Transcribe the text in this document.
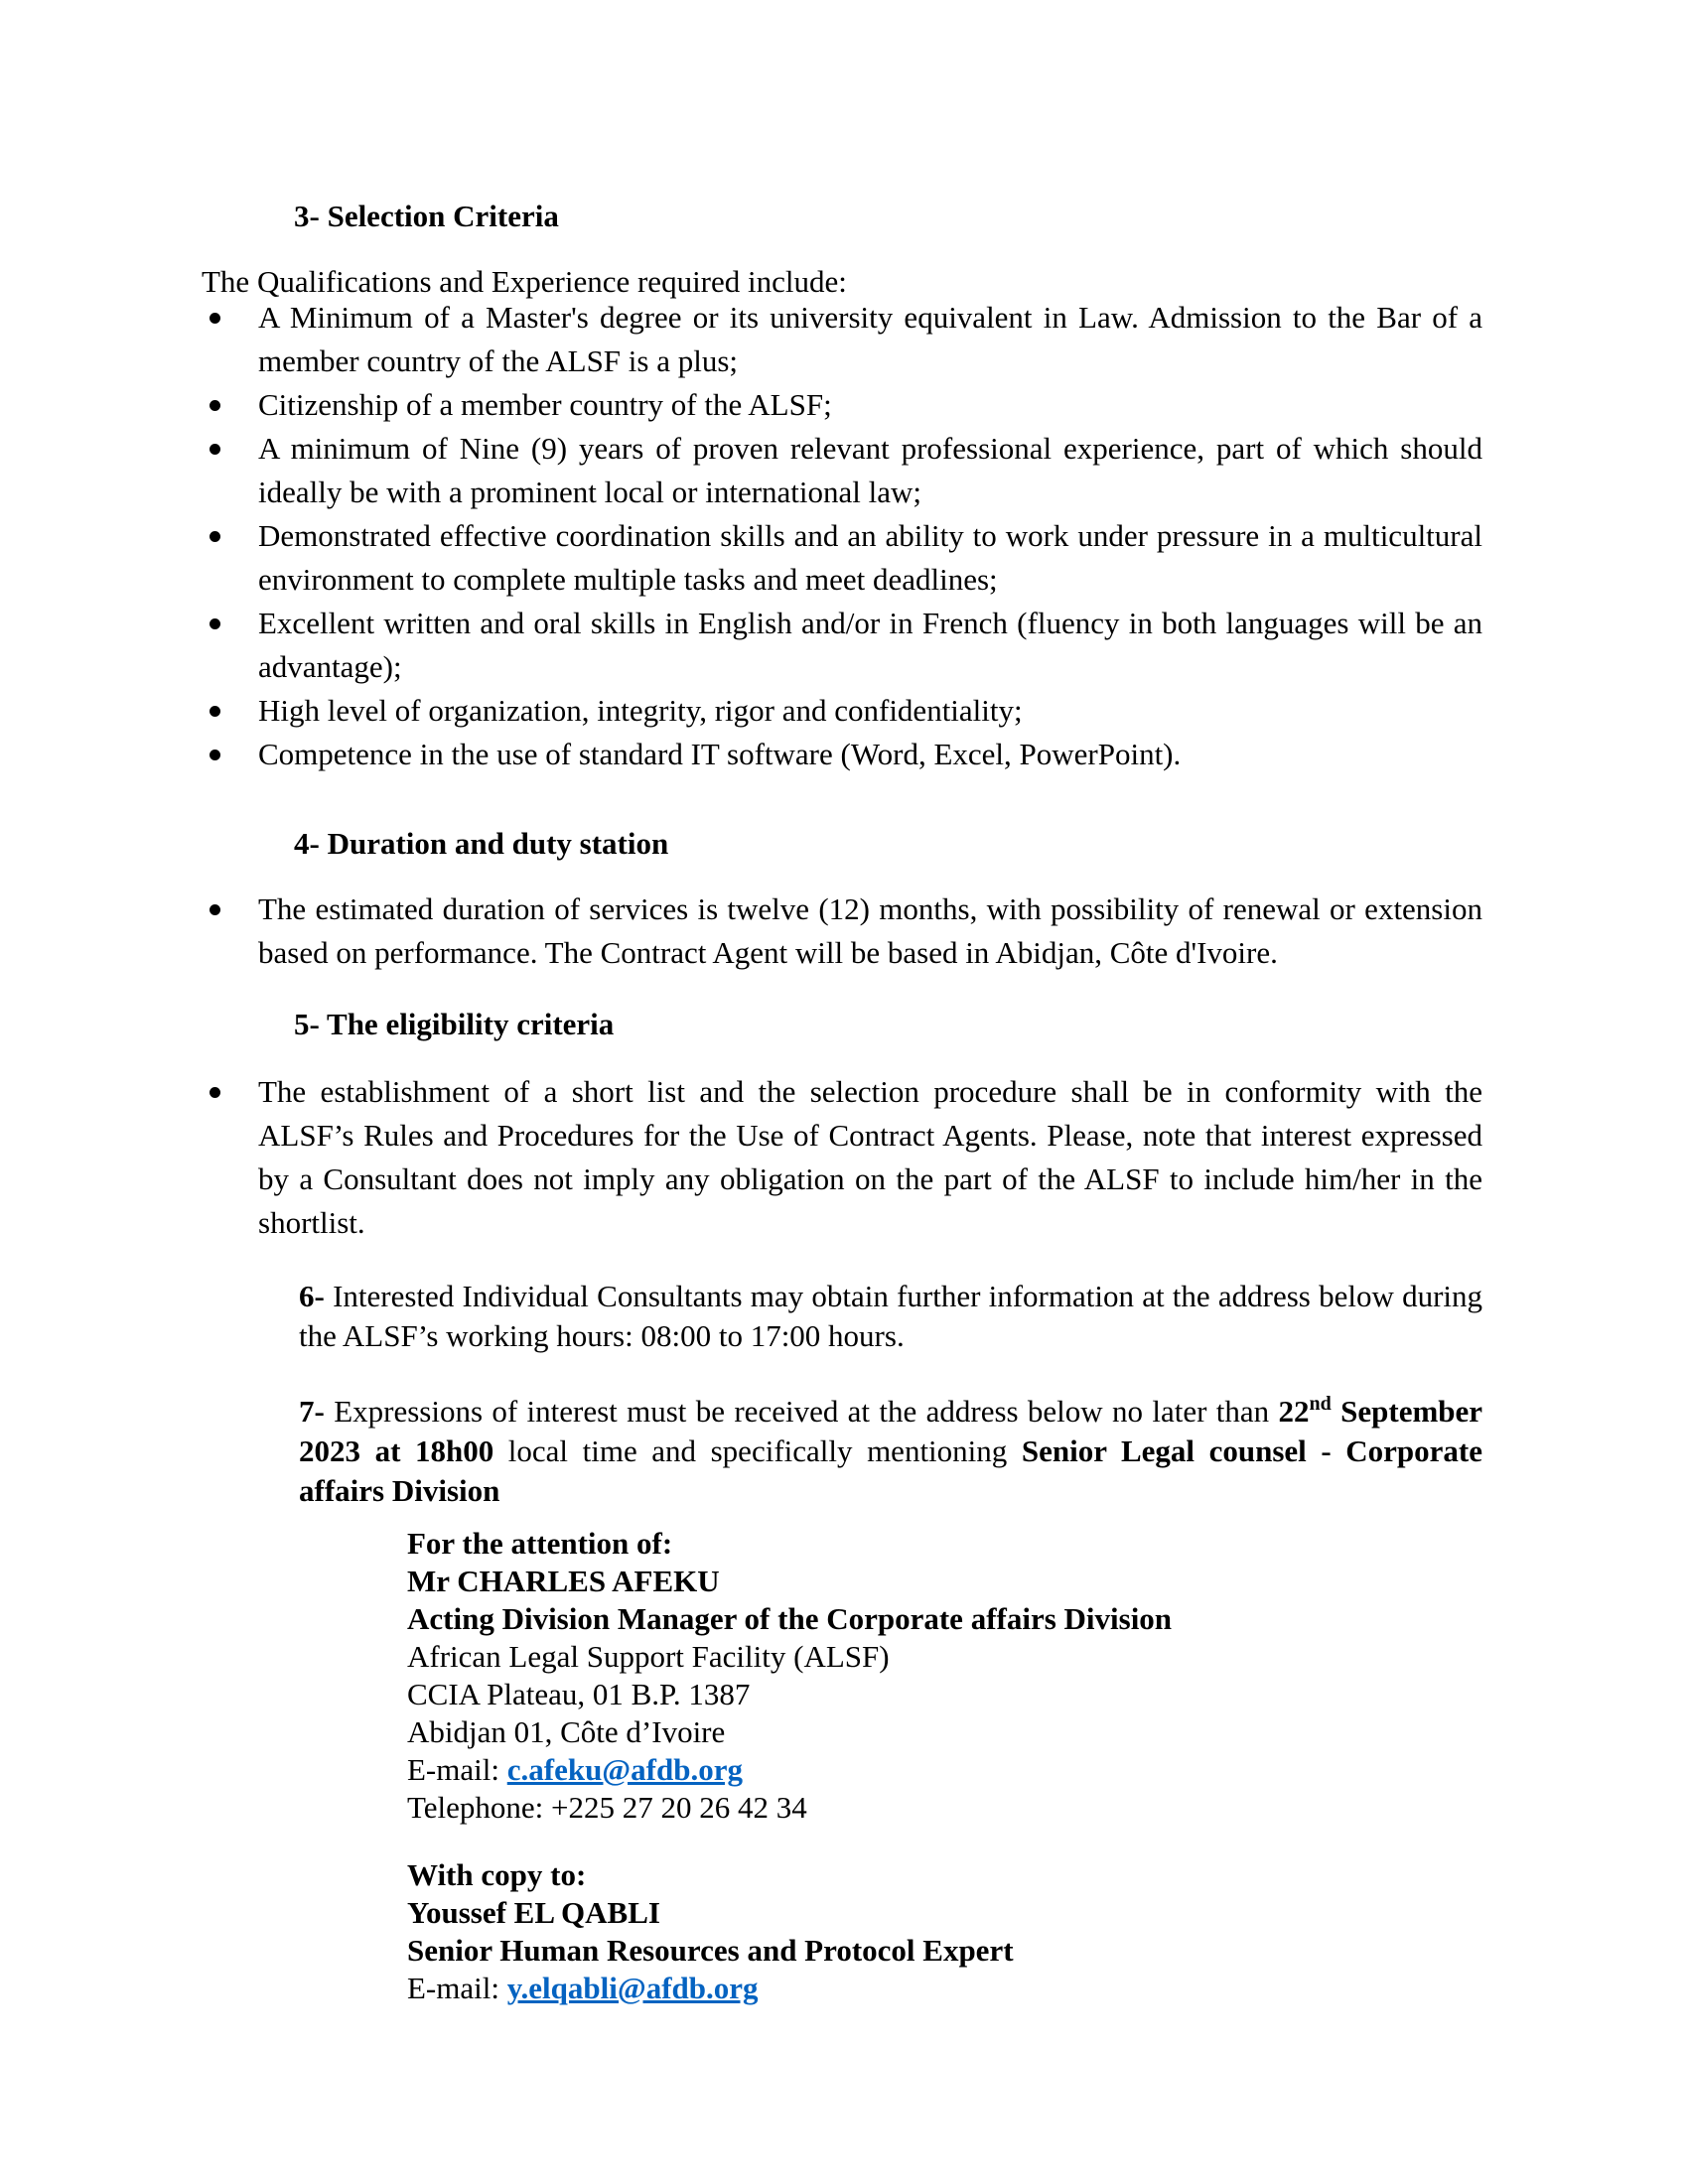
3- Selection Criteria

The Qualifications and Experience required include:

A Minimum of a Master's degree or its university equivalent in Law. Admission to the Bar of a member country of the ALSF is a plus;
Citizenship of a member country of the ALSF;
A minimum of Nine (9) years of proven relevant professional experience, part of which should ideally be with a prominent local or international law;
Demonstrated effective coordination skills and an ability to work under pressure in a multicultural environment to complete multiple tasks and meet deadlines;
Excellent written and oral skills in English and/or in French (fluency in both languages will be an advantage);
High level of organization, integrity, rigor and confidentiality;
Competence in the use of standard IT software (Word, Excel, PowerPoint).

4- Duration and duty station

The estimated duration of services is twelve (12) months, with possibility of renewal or extension based on performance. The Contract Agent will be based in Abidjan, Côte d'Ivoire.

5- The eligibility criteria

The establishment of a short list and the selection procedure shall be in conformity with the ALSF’s Rules and Procedures for the Use of Contract Agents. Please, note that interest expressed by a Consultant does not imply any obligation on the part of the ALSF to include him/her in the shortlist.

6- Interested Individual Consultants may obtain further information at the address below during the ALSF’s working hours: 08:00 to 17:00 hours.

7- Expressions of interest must be received at the address below no later than 22nd September 2023 at 18h00 local time and specifically mentioning Senior Legal counsel - Corporate affairs Division

For the attention of:
Mr CHARLES AFEKU
Acting Division Manager of the Corporate affairs Division
African Legal Support Facility (ALSF)
CCIA Plateau, 01 B.P. 1387
Abidjan 01, Côte d’Ivoire
E-mail: c.afeku@afdb.org
Telephone: +225 27 20 26 42 34
With copy to:
Youssef EL QABLI
Senior Human Resources and Protocol Expert
E-mail: y.elqabli@afdb.org
